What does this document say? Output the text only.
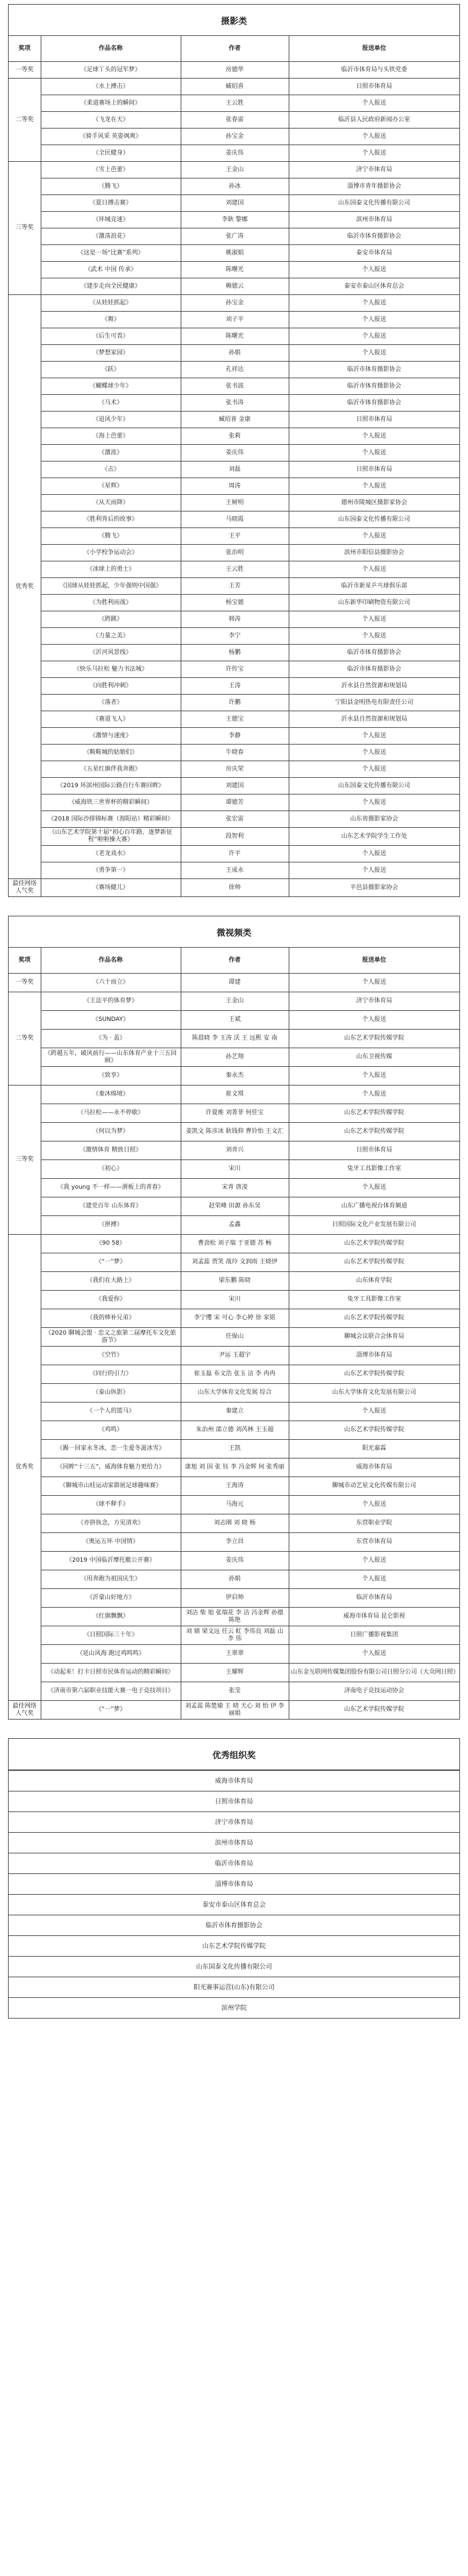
摄影类
奖项	作品名称	作者	报送单位
一等奖	《足球丫头的冠军梦》	房德华	临沂市体育局与头铁党委
二等奖	《水上搏击》	臧绍喜	日照市体育局
	《柔道赛场上的瞬间》	王云胜	个人报送
	《飞龙在天》	张春雷	临沂县人民政府新闻办公室
	《骑手风采 英姿飒爽》	孙宝金	个人报送
	《全民健身》	姜庆伟	个人报送
三等奖	《雪上芭蕾》	王金山	济宁市体育局
	《腾飞》	孙冰	淄博市青年摄影协会
	《夏日搏击赛》	刘建国	山东国泰文化传播有限公司
	《环城竞速》	李耿 黎娜	滨州市体育局
	《激荡浪花》	张广涛	临沂市体育摄影协会
	《这是一场“比赛”系列》	姚淑娟	泰安市体育局
	《武术 中国 传承》	陈曙光	个人报送
	《建步走向全民健康》	赖德云	泰安市泰山区体育总会
优秀奖	《从娃娃抓起》	孙宝金	个人报送
	《舞》	刘子平	个人报送
	《后生可畏》	陈曙光	个人报送
	《梦想家园》	孙娟	个人报送
	《跃》	孔祥达	临沂市体育摄影协会
	《蝴蝶球少年》	张书波	临沂市体育摄影协会
	《马术》	张书涛	临沂市体育摄影协会
	《追风少年》	臧绍喜 金康	日照市体育局
	《海上芭蕾》	张莉	个人报送
	《激流》	姜庆伟	个人报送
	《击》	刘磊	日照市体育局
	《星辉》	周涛	个人报送
	《从天而降》	王树明	德州市陵城区摄影家协会
	《胜利背后的故事》	马晓霞	山东国泰文化传播有限公司
	《腾飞》	王平	个人报送
	《小学校争运动会》	张治明	滨州市阳信县摄影协会
	《冰球上的勇士》	王云胜	个人报送
	《国球从娃娃抓起，少年强则中国强》	王芳	临沂市新星乒乓球俱乐部
	《为胜利而战》	杨宝德	山东新华印刷物资有限公司
	《跨跳》	韩涛	个人报送
	《力量之美》	李宁	个人报送
	《沂河风景线》	杨鹏	临沂市体育摄影协会
	《快乐马拉松 魅力书法城》	许传宝	临沂市体育摄影协会
	《向胜利冲刺》	王涛	沂水县自然资源和规划局
	《落者》	许鹏	宁阳县金明热电有限责任公司
	《赛道飞人》	王德宝	沂水县自然资源和规划局
	《激情与速度》	李静	个人报送
	《鞍鞍城的姑娘们》	牛晓春	个人报送
	《五星红旗伴我奔跑》	房庆荣	个人报送
	《2019 环滨州国际公路自行车赛回眸》	刘建国	山东国泰文化传播有限公司
	《威海铁三世界杯的精彩瞬间》	谭德芳	个人报送
	《2018 国际沙排锦标赛（海阳站）精彩瞬间》	张宏雷	山东省摄影家协会
	《山东艺术学院第十届“初心百年路，逐梦新征程”啦啦操大赛》	段智利	山东艺术学院学生工作处
	《老龙戏水》	许平	个人报送
	《勇争第一》	王成永	个人报送
最佳网络人气奖	《赛场健儿》	徐帅	平邑县摄影家协会
微视频类
奖项	作品名称	作者	报送单位
一等奖	《六十而立》	谭建	个人报送
二等奖	《王法平的体育梦》	王金山	济宁市体育局
	《SUNDAY》	王斌	个人报送
	《为 · 盖》	陈晨晓 李 王涛 沃 王 远熙 安 南	山东艺术学院传媒学院
	《跨越五年，破风前行——山东体育产业十三五回顾》	孙艺翔	山东卫视传媒
	《致享》	秦永杰	个人报送
三等奖	《秦沐绵境》	崔文琪	个人报送
	《马拉松——永不停歇》	许夏维 刘菁菲 何佳宝	山东艺术学院传媒学院
	《何以为梦》	姜凯文 陈彦冰 耿钱仰 曹铃怡 王文汇	山东艺术学院传媒学院
	《激情体育 精致日照》	刘青兴	日照市体育局
	《初心》	宋川	兔牙工具影像工作室
	《我 young 不一样——滑板上的青春》	宋青 唐凌	个人报送
	《建党百年 山东体育》	赵荣峰 田源 孙东昊	山东广播电视台体育频道
	《拼搏》	孟鑫	日照国际文化产业发展有限公司
优秀奖	《90 58》	曹劲松 刘子瑞 于亚德 苏 畅	山东艺术学院传媒学院
	《“一”梦》	刘孟蕊 贾笑 战玲 文润雨 王晓伊	山东艺术学院传媒学院
	《我们在大路上》	梁东鹏 陈晓	山东体育学院
	《我爱你》	宋川	兔牙工具影像工作室
	《我的棒补兄弟》	李宁缨 宋 可心 李心婷 徐 家铭	山东艺术学院传媒学院
	《2020 聊城会盟 · 忠义之旅第二届摩托车文化旅游节》	任保山	聊城会议联合会体育局
	《空竹》	尹运 王超宇	淄博市体育局
	《同行的引力》	崔玉磊 布文浩 张玉 洁 李 冉冉	山东艺术学院传媒学院
	《泰山纵影》	山东大学体育文化发展 综合	山东大学体育文化发展有限公司
	《一个人的篮马》	秦建立	个人报送
	《鸡鸣》	朱治州 邵立德 刘芮林 王玉超	山东艺术学院传媒学院
	《踢一回家永冬冰，恋一生爱冬滋冰雪》	王凯	阳光嘉霖
	《回眸“十三五”，威海体育魅力更给力》	康旭 刘 国 张 钰 李 冯金辉 何 张秀丽	威海市体育局
	《聊城市山桂运动家群展足球趣味赛》	王海涛	聊城市动艺星文化传媒有限公司
	《球不释手》	马海元	个人报送
	《亦拼执念，方见清欢》	刘志刚 刘 晓 杨	东营职业学院
	《奥运五环 中国情》	李立昌	东营市体育局
	《2019 中国临沂摩托艇公开赛》	姜庆伟	个人报送
	《用奔跑为祖国庆生》	孙娟	个人报送
	《沂蒙山好地方》	伊启帅	临沂市体育局
	《红旗飘飘》	刘洁 柴 旭 张瑞花 李 洁 冯金辉 孙德 陈艳	威海市体育局 昆仑影视
	《日照国际三十年》	刘 婧 梁文远 任云 虹 李伟良 刘磊 山 李 伟	日照广播影视集团
	《延山风海 跑过鸡鸣鸣》	王翠翠	个人报送
	《动起来！打卡日照市民体育运动的精彩瞬间》	王耀辉	山东金互联网传媒集团股份有限公司日照分公司（大众网日照）
	《济南市第六届职业技能大赛一电子竞技项目》	张莹	济南电子竞技运动协会
最佳网络人气奖	《“一”梦》	刘孟蕊 陈楚瑜 王 晓 天心 刘 怡 伊 李丽娟	山东艺术学院传媒学院
优秀组织奖
威海市体育局
日照市体育局
济宁市体育局
滨州市体育局
临沂市体育局
淄博市体育局
泰安市泰山区体育总会
临沂市体育摄影协会
山东艺术学院传媒学院
山东国泰文化传播有限公司
阳光赛事运营(山东)有限公司
滨州学院
